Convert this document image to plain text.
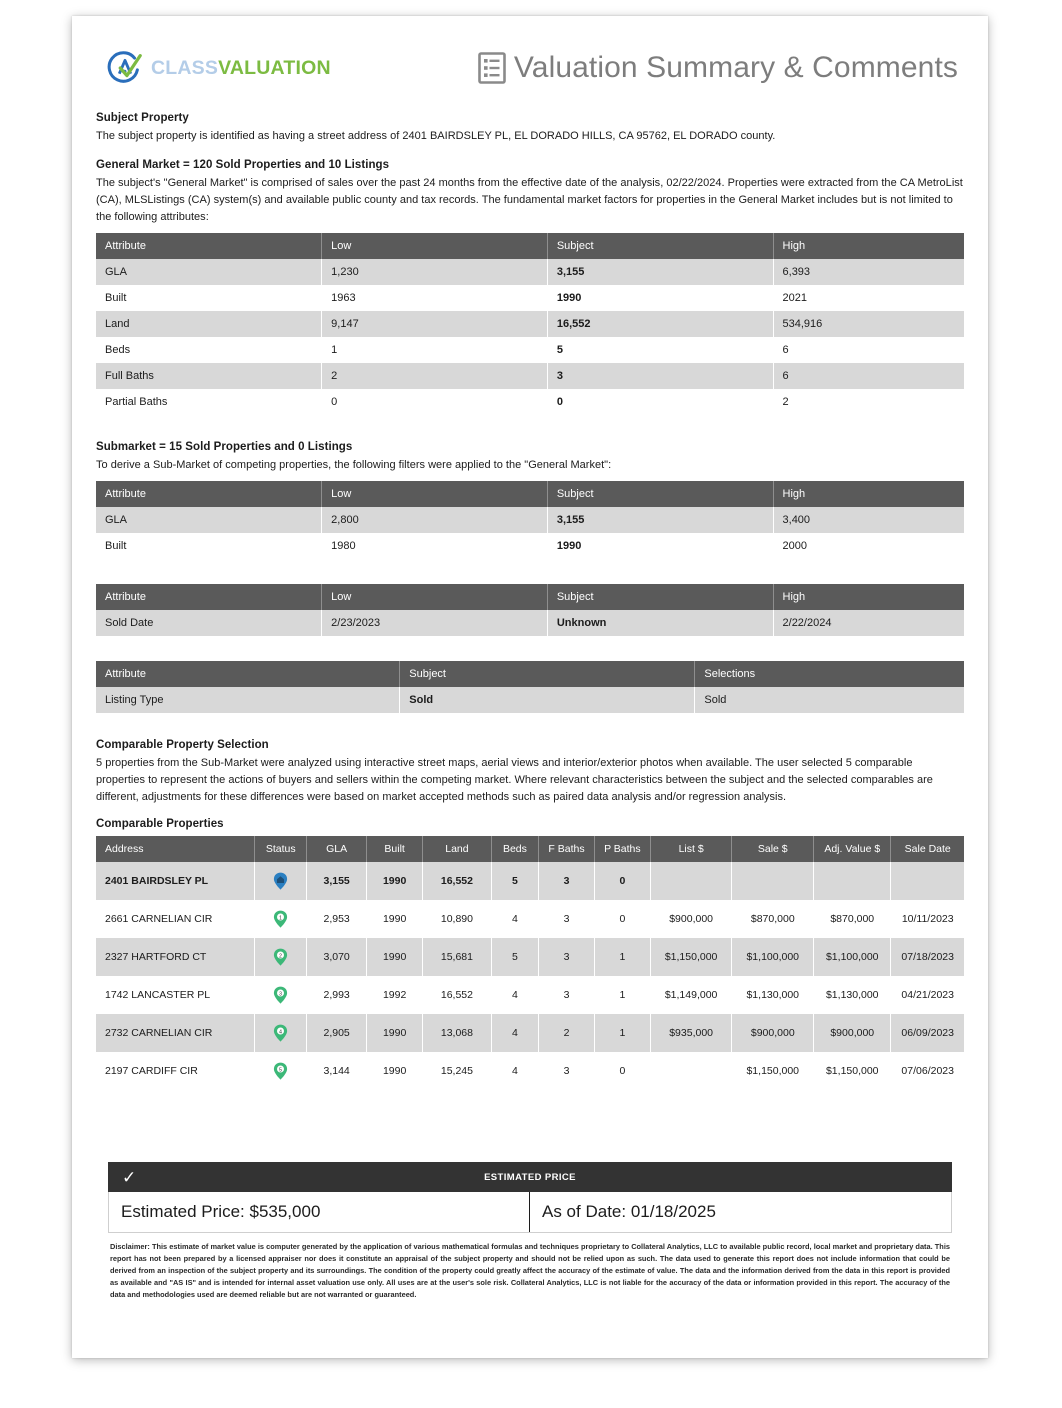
CLASSVALUATION	Valuation Summary & Comments
Subject Property

The subject property is identified as having a street address of 2401 BAIRDSLEY PL, EL DORADO HILLS, CA 95762, EL DORADO county.

General Market = 120 Sold Properties and 10 Listings

The subject's "General Market" is comprised of sales over the past 24 months from the effective date of the analysis, 02/22/2024. Properties were extracted from the CA MetroList (CA), MLSListings (CA) system(s) and available public county and tax records. The fundamental market factors for properties in the General Market includes but is not limited to the following attributes:

Attribute	Low	Subject	High
GLA	1,230	3,155	6,393
Built	1963	1990	2021
Land	9,147	16,552	534,916
Beds	1	5	6
Full Baths	2	3	6
Partial Baths	0	0	2
Submarket = 15 Sold Properties and 0 Listings

To derive a Sub-Market of competing properties, the following filters were applied to the "General Market":

Attribute	Low	Subject	High
GLA	2,800	3,155	3,400
Built	1980	1990	2000
Attribute	Low	Subject	High
Sold Date	2/23/2023	Unknown	2/22/2024
Attribute	Subject	Selections
Listing Type	Sold	Sold
Comparable Property Selection

5 properties from the Sub-Market were analyzed using interactive street maps, aerial views and interior/exterior photos when available. The user selected 5 comparable properties to represent the actions of buyers and sellers within the competing market. Where relevant characteristics between the subject and the selected comparables are different, adjustments for these differences were based on market accepted methods such as paired data analysis and/or regression analysis.

Comparable Properties
Address	Status	GLA	Built	Land	Beds	F Baths	P Baths	List $	Sale $	Adj. Value $	Sale Date
2401 BAIRDSLEY PL		3,155	1990	16,552	5	3	0				
2661 CARNELIAN CIR	1	2,953	1990	10,890	4	3	0	$900,000	$870,000	$870,000	10/11/2023
2327 HARTFORD CT	2	3,070	1990	15,681	5	3	1	$1,150,000	$1,100,000	$1,100,000	07/18/2023
1742 LANCASTER PL	3	2,993	1992	16,552	4	3	1	$1,149,000	$1,130,000	$1,130,000	04/21/2023
2732 CARNELIAN CIR	4	2,905	1990	13,068	4	2	1	$935,000	$900,000	$900,000	06/09/2023
2197 CARDIFF CIR	5	3,144	1990	15,245	4	3	0		$1,150,000	$1,150,000	07/06/2023
✓	ESTIMATED PRICE
Estimated Price: $535,000	As of Date: 01/18/2025
Disclaimer: This estimate of market value is computer generated by the application of various mathematical formulas and techniques proprietary to Collateral Analytics, LLC to available public record, local market and proprietary data. This report has not been prepared by a licensed appraiser nor does it constitute an appraisal of the subject property and should not be relied upon as such. The data used to generate this report does not include information that could be derived from an inspection of the subject property and its surroundings. The condition of the property could greatly affect the accuracy of the estimate of value. The data and the information derived from the data in this report is provided as available and "AS IS" and is intended for internal asset valuation use only. All uses are at the user's sole risk. Collateral Analytics, LLC is not liable for the accuracy of the data or information provided in this report. The accuracy of the data and methodologies used are deemed reliable but are not warranted or guaranteed.
